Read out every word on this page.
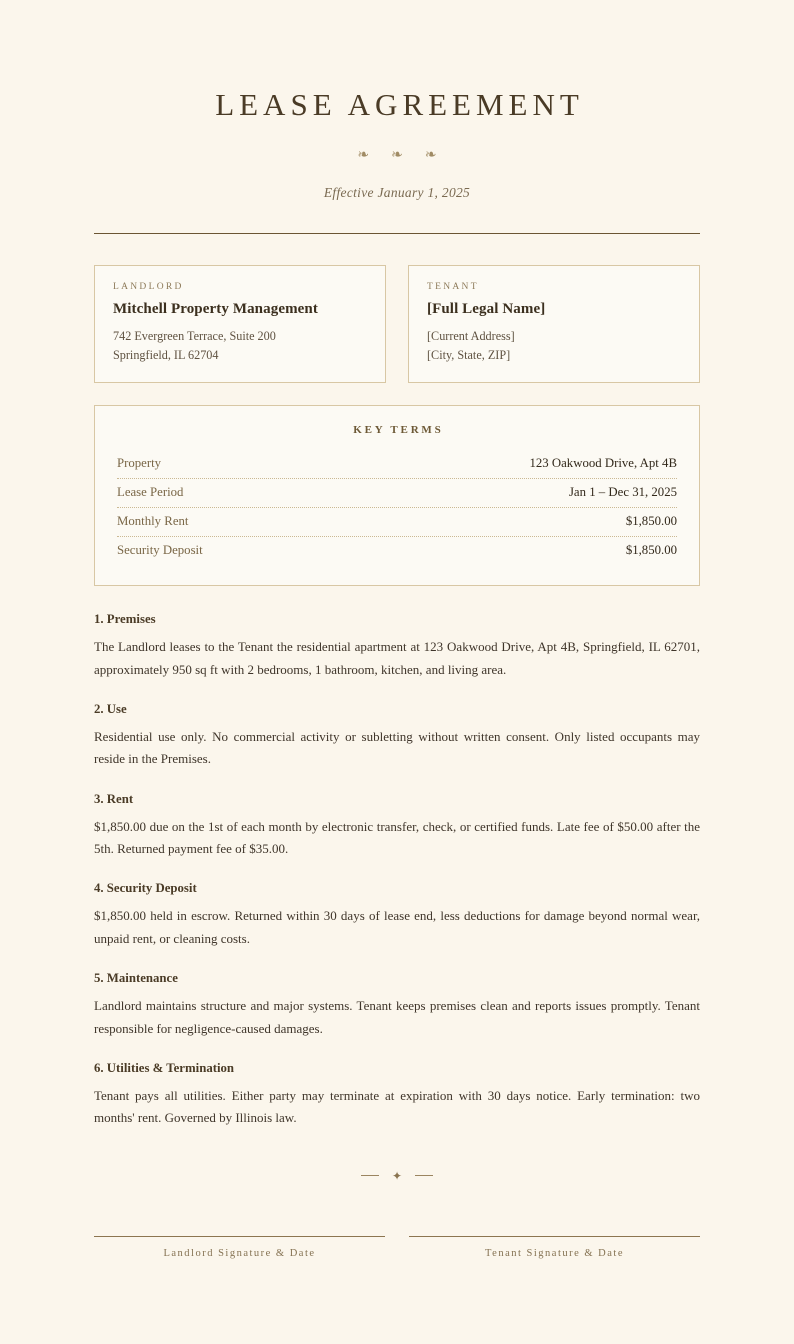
LEASE AGREEMENT
❧ ❧ ❧
Effective January 1, 2025
LANDLORD
Mitchell Property Management
742 Evergreen Terrace, Suite 200
Springfield, IL 62704
TENANT
[Full Legal Name]
[Current Address]
[City, State, ZIP]
KEY TERMS
Property	123 Oakwood Drive, Apt 4B
Lease Period	Jan 1 – Dec 31, 2025
Monthly Rent	$1,850.00
Security Deposit	$1,850.00
1. Premises

The Landlord leases to the Tenant the residential apartment at 123 Oakwood Drive, Apt 4B, Springfield, IL 62701, approximately 950 sq ft with 2 bedrooms, 1 bathroom, kitchen, and living area.

2. Use

Residential use only. No commercial activity or subletting without written consent. Only listed occupants may reside in the Premises.

3. Rent

$1,850.00 due on the 1st of each month by electronic transfer, check, or certified funds. Late fee of $50.00 after the 5th. Returned payment fee of $35.00.

4. Security Deposit

$1,850.00 held in escrow. Returned within 30 days of lease end, less deductions for damage beyond normal wear, unpaid rent, or cleaning costs.

5. Maintenance

Landlord maintains structure and major systems. Tenant keeps premises clean and reports issues promptly. Tenant responsible for negligence-caused damages.

6. Utilities & Termination

Tenant pays all utilities. Either party may terminate at expiration with 30 days notice. Early termination: two months' rent. Governed by Illinois law.

✦
Landlord Signature & Date	Tenant Signature & Date
